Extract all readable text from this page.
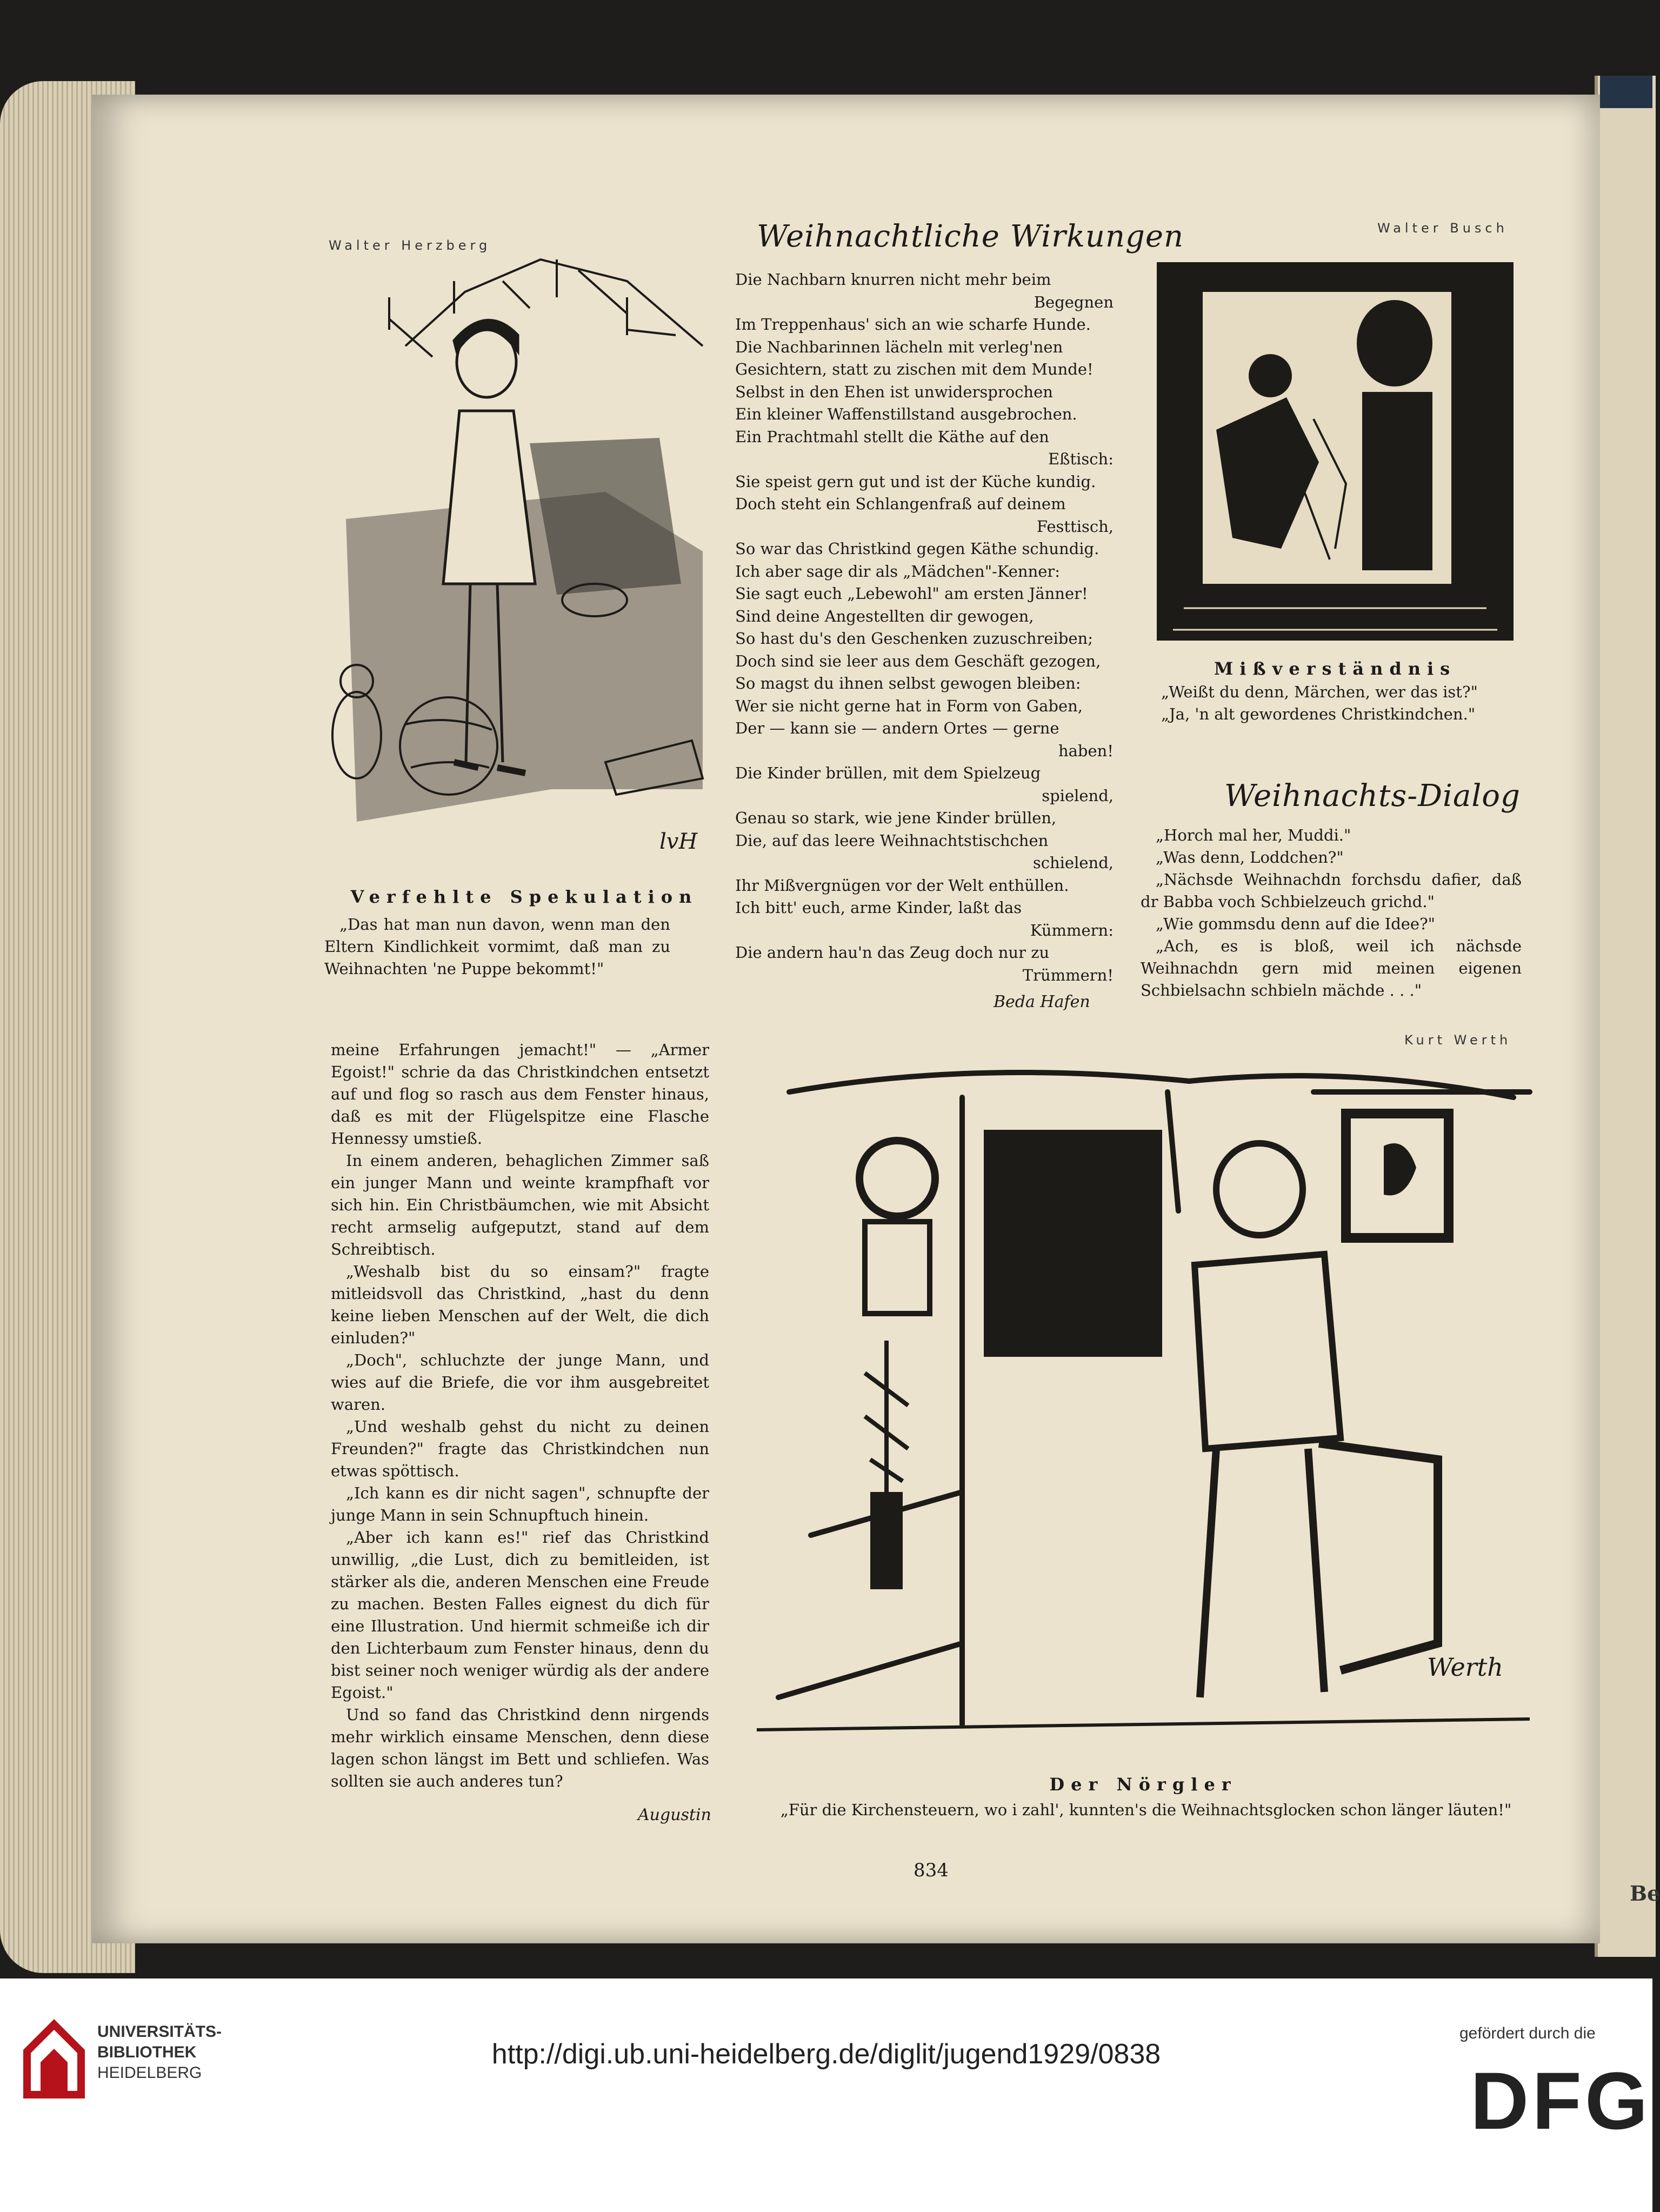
Be
Walter Herzberg
Walter Busch
Kurt Werth
lvH
Verfehlte Spekulation

„Das hat man nun davon, wenn man den Eltern Kindlichkeit vormimt, daß man zu Weihnachten 'ne Puppe bekommt!"

Weihnachtliche Wirkungen
Die Nachbarn knurren nicht mehr beim
Begegnen
Im Treppenhaus' sich an wie scharfe Hunde.
Die Nachbarinnen lächeln mit verleg'nen
Gesichtern, statt zu zischen mit dem Munde!
Selbst in den Ehen ist unwidersprochen
Ein kleiner Waffenstillstand ausgebrochen.
Ein Prachtmahl stellt die Käthe auf den
Eßtisch:
Sie speist gern gut und ist der Küche kundig.
Doch steht ein Schlangenfraß auf deinem
Festtisch,
So war das Christkind gegen Käthe schundig.
Ich aber sage dir als „Mädchen"-Kenner:
Sie sagt euch „Lebewohl" am ersten Jänner!
Sind deine Angestellten dir gewogen,
So hast du's den Geschenken zuzuschreiben;
Doch sind sie leer aus dem Geschäft gezogen,
So magst du ihnen selbst gewogen bleiben:
Wer sie nicht gerne hat in Form von Gaben,
Der — kann sie — andern Ortes — gerne
haben!
Die Kinder brüllen, mit dem Spielzeug
spielend,
Genau so stark, wie jene Kinder brüllen,
Die, auf das leere Weihnachtstischchen
schielend,
Ihr Mißvergnügen vor der Welt enthüllen.
Ich bitt' euch, arme Kinder, laßt das
Kümmern:
Die andern hau'n das Zeug doch nur zu
Trümmern!
Beda Hafen
Mißverständnis
„Weißt du denn, Märchen, wer das ist?"
„Ja, 'n alt gewordenes Christkindchen."
Weihnachts-Dialog

„Horch mal her, Muddi."

„Was denn, Loddchen?"

„Nächsde Weihnachdn forchsdu dafier, daß dr Babba voch Schbielzeuch grichd."

„Wie gommsdu denn auf die Idee?"

„Ach, es is bloß, weil ich nächsde Weihnachdn gern mid meinen eigenen Schbielsachn schbieln mächde . . ."

meine Erfahrungen jemacht!" — „Armer Egoist!" schrie da das Christkindchen entsetzt auf und flog so rasch aus dem Fenster hinaus, daß es mit der Flügelspitze eine Flasche Hennessy umstieß.

In einem anderen, behaglichen Zimmer saß ein junger Mann und weinte krampfhaft vor sich hin. Ein Christbäumchen, wie mit Absicht recht armselig aufgeputzt, stand auf dem Schreibtisch.

„Weshalb bist du so einsam?" fragte mitleidsvoll das Christkind, „hast du denn keine lieben Menschen auf der Welt, die dich einluden?"

„Doch", schluchzte der junge Mann, und wies auf die Briefe, die vor ihm ausgebreitet waren.

„Und weshalb gehst du nicht zu deinen Freunden?" fragte das Christkindchen nun etwas spöttisch.

„Ich kann es dir nicht sagen", schnupfte der junge Mann in sein Schnupftuch hinein.

„Aber ich kann es!" rief das Christkind unwillig, „die Lust, dich zu bemitleiden, ist stärker als die, anderen Menschen eine Freude zu machen. Besten Falles eignest du dich für eine Illustration. Und hiermit schmeiße ich dir den Lichterbaum zum Fenster hinaus, denn du bist seiner noch weniger würdig als der andere Egoist."

Und so fand das Christkind denn nirgends mehr wirklich einsame Menschen, denn diese lagen schon längst im Bett und schliefen. Was sollten sie auch anderes tun?

Augustin
Werth
Der Nörgler
„Für die Kirchensteuern, wo i zahl', kunnten's die Weihnachtsglocken schon länger läuten!"
834
UNIVERSITÄTS-
BIBLIOTHEK
HEIDELBERG
http://digi.ub.uni-heidelberg.de/diglit/jugend1929/0838
gefördert durch die
DFG
